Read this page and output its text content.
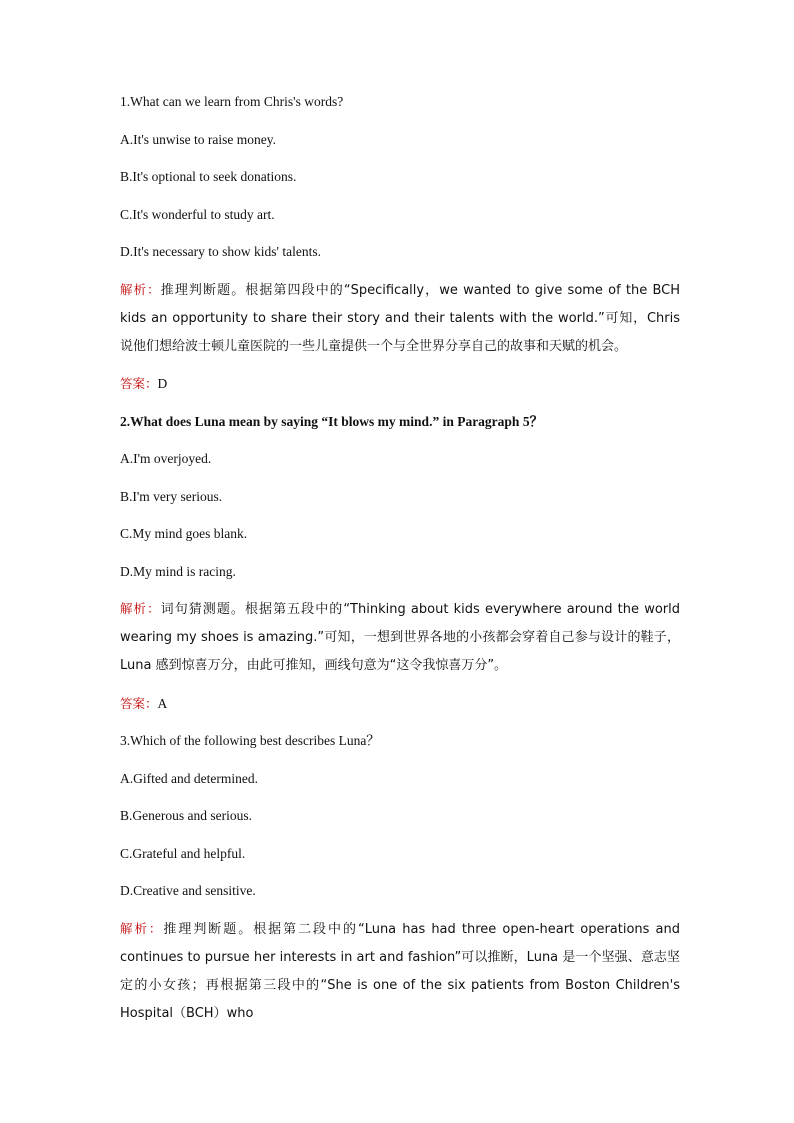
1.What can we learn from Chris's words?
A.It's unwise to raise money.
B.It's optional to seek donations.
C.It's wonderful to study art.
D.It's necessary to show kids' talents.
解析：推理判断题。根据第四段中的“Specifically，we wanted to give some of the BCH kids an opportunity to share their story and their talents with the world.”可知，Chris 说他们想给波士顿儿童医院的一些儿童提供一个与全世界分享自己的故事和天赋的机会。
答案：D
2.What does Luna mean by saying “It blows my mind.” in Paragraph 5？
A.I'm overjoyed.
B.I'm very serious.
C.My mind goes blank.
D.My mind is racing.
解析：词句猜测题。根据第五段中的“Thinking about kids everywhere around the world wearing my shoes is amazing.”可知，一想到世界各地的小孩都会穿着自己参与设计的鞋子，Luna 感到惊喜万分，由此可推知，画线句意为“这令我惊喜万分”。
答案：A
3.Which of the following best describes Luna？
A.Gifted and determined.
B.Generous and serious.
C.Grateful and helpful.
D.Creative and sensitive.
解析：推理判断题。根据第二段中的“Luna has had three open-heart operations and continues to pursue her interests in art and fashion”可以推断，Luna 是一个坚强、意志坚定的小女孩；再根据第三段中的“She is one of the six patients from Boston Children's Hospital（BCH）who
